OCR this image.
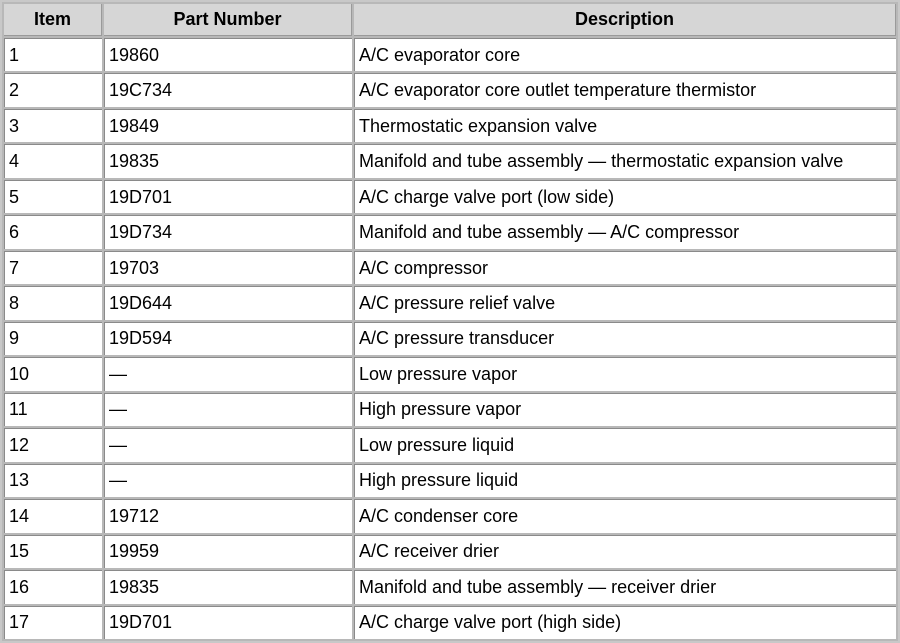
Item	Part Number	Description
1	19860	A/C evaporator core
2	19C734	A/C evaporator core outlet temperature thermistor
3	19849	Thermostatic expansion valve
4	19835	Manifold and tube assembly — thermostatic expansion valve
5	19D701	A/C charge valve port (low side)
6	19D734	Manifold and tube assembly — A/C compressor
7	19703	A/C compressor
8	19D644	A/C pressure relief valve
9	19D594	A/C pressure transducer
10	—	Low pressure vapor
11	—	High pressure vapor
12	—	Low pressure liquid
13	—	High pressure liquid
14	19712	A/C condenser core
15	19959	A/C receiver drier
16	19835	Manifold and tube assembly — receiver drier
17	19D701	A/C charge valve port (high side)
